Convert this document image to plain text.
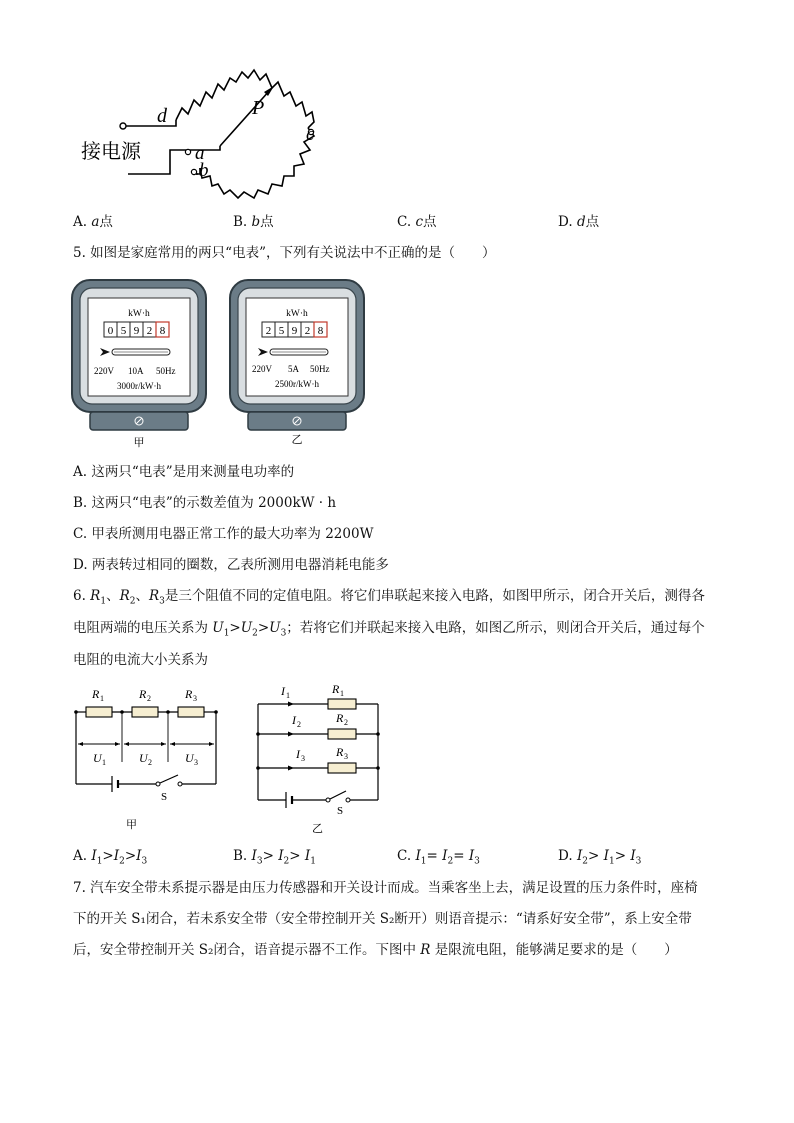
d	P
c
a
b
接电源
A. a点	B. b点	C. c点	D. d点
5. 如图是家庭常用的两只“电表”，下列有关说法中不正确的是（　　）
kW·h
0 5 9 2 8
220V 10A 50Hz
3000r/kW·h
甲
kW·h
2 5 9 2 8
220V 5A 50Hz
2500r/kW·h
乙
A. 这两只“电表”是用来测量电功率的
B. 这两只“电表”的示数差值为 2000kW · h
C. 甲表所测用电器正常工作的最大功率为 2200W
D. 两表转过相同的圈数，乙表所测用电器消耗电能多
6. $R_1$、$R_2$、$R_3$是三个阻值不同的定值电阻。将它们串联起来接入电路，如图甲所示，闭合开关后，测得各
电阻两端的电压关系为 $U_1>U_2>U_3$；若将它们并联起来接入电路，如图乙所示，则闭合开关后，通过每个
电阻的电流大小关系为
S
R 1	R 2	R 3
U 1	U 2	U 3
甲
S
I 1
I 2
I 3
R 1
R 2
R 3
乙
A. $I_1>I_2>I_3$	B. $I_3> I_2> I_1$	C. $I_1= I_2= I_3$	D. $I_2> I_1> I_3$
7. 汽车安全带未系提示器是由压力传感器和开关设计而成。当乘客坐上去，满足设置的压力条件时，座椅
下的开关 S₁闭合，若未系安全带（安全带控制开关 S₂断开）则语音提示：“请系好安全带”，系上安全带
后，安全带控制开关 S₂闭合，语音提示器不工作。下图中 R 是限流电阻，能够满足要求的是（　　）
